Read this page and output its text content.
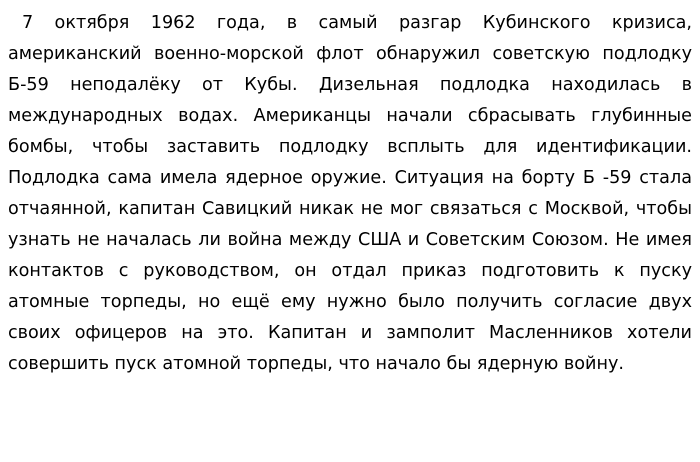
7 октября 1962 года, в самый разгар Кубинского кризиса, американский военно-морской флот обнаружил советскую подлодку Б-59 неподалёку от Кубы. Дизельная подлодка находилась в международных водах. Американцы начали сбрасывать глубинные бомбы, чтобы заставить подлодку всплыть для идентификации. Подлодка сама имела ядерное оружие. Ситуация на борту Б -59 стала отчаянной, капитан Савицкий никак не мог связаться с Москвой, чтобы узнать не началась ли война между США и Советским Союзом. Не имея контактов с руководством, он отдал приказ подготовить к пуску атомные торпеды, но ещё ему нужно было получить согласие двух своих офицеров на это. Капитан и замполит Масленников хотели совершить пуск атомной торпеды, что начало бы ядерную войну.
